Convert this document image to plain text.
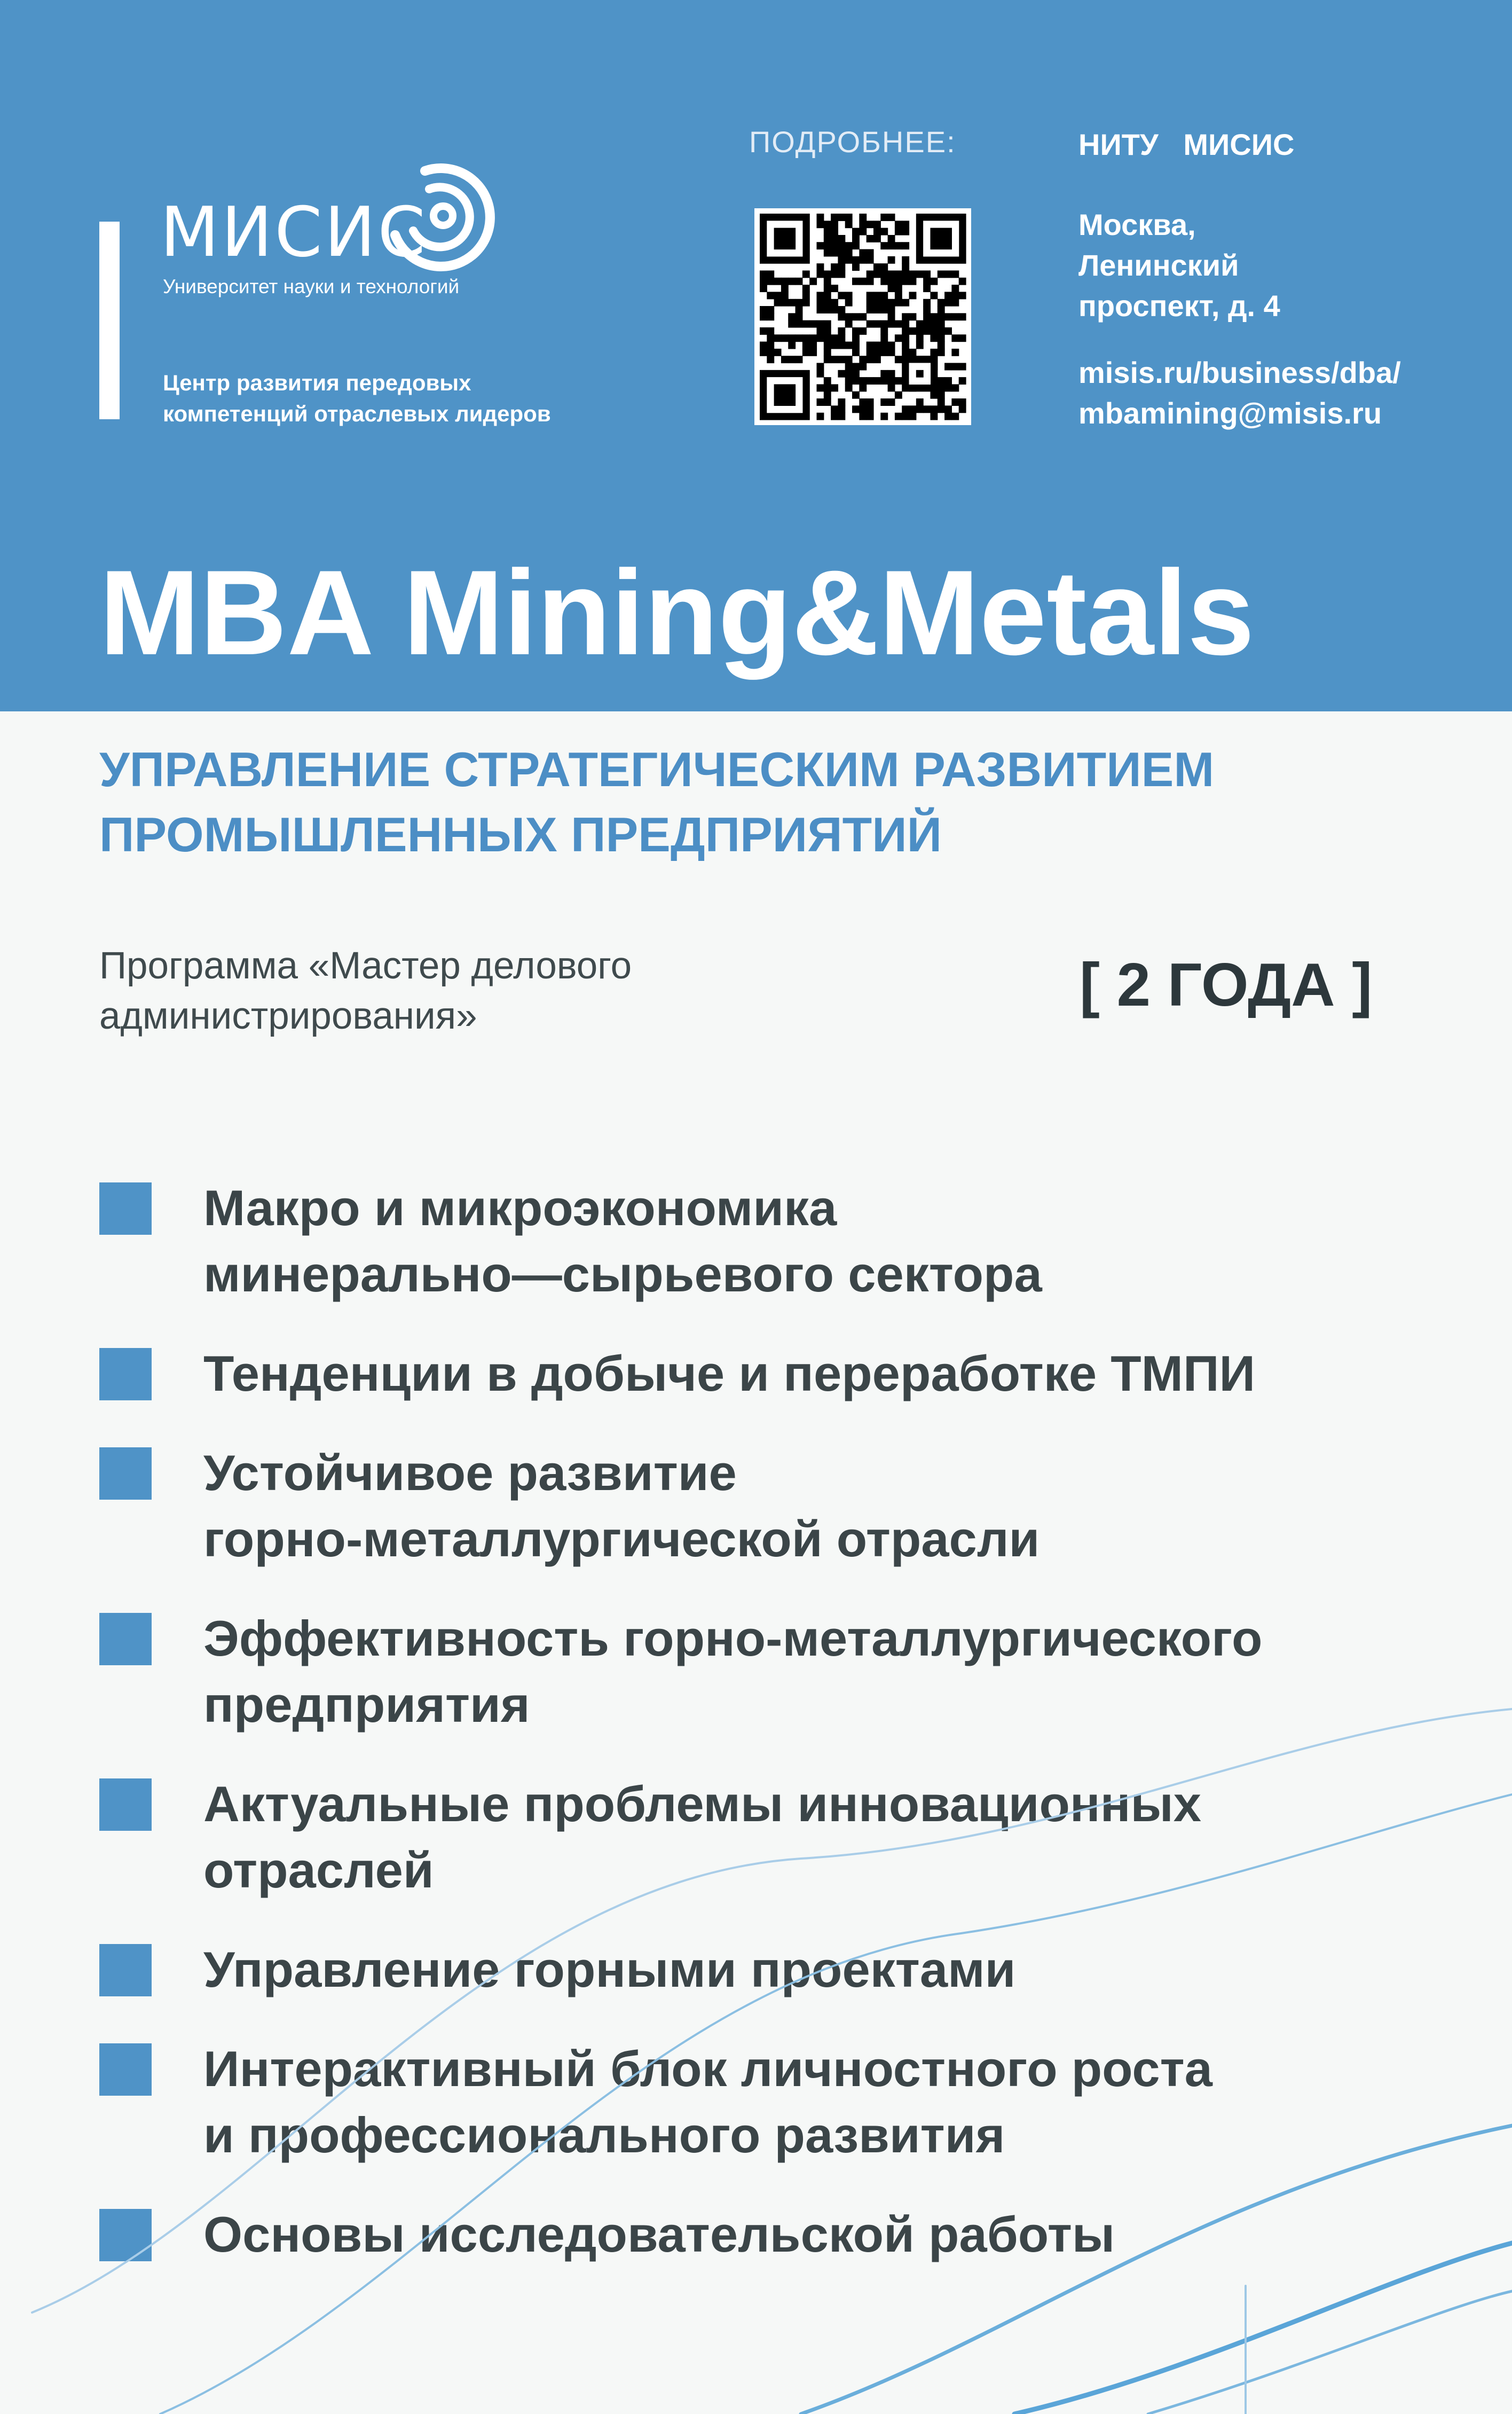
МИСИС
Университет науки и технологий
Центр развития передовых
компетенций отраслевых лидеров
ПОДРОБНЕЕ:	НИТУ   МИСИС
Москва,
Ленинский
проспект, д. 4
misis.ru/business/dba/
mbamining@misis.ru
MBA Mining&Metals
УПРАВЛЕНИЕ СТРАТЕГИЧЕСКИМ РАЗВИТИЕМ
ПРОМЫШЛЕННЫХ ПРЕДПРИЯТИЙ
Программа «Мастер делового
администрирования»	[ 2 ГОДА ]
Макро и микроэкономика
минерально—сырьевого сектора
Тенденции в добыче и переработке ТМПИ
Устойчивое развитие
горно-металлургической отрасли
Эффективность горно-металлургического
предприятия
Актуальные проблемы инновационных
отраслей
Управление горными проектами
Интерактивный блок личностного роста
и профессионального развития
Основы исследовательской работы
